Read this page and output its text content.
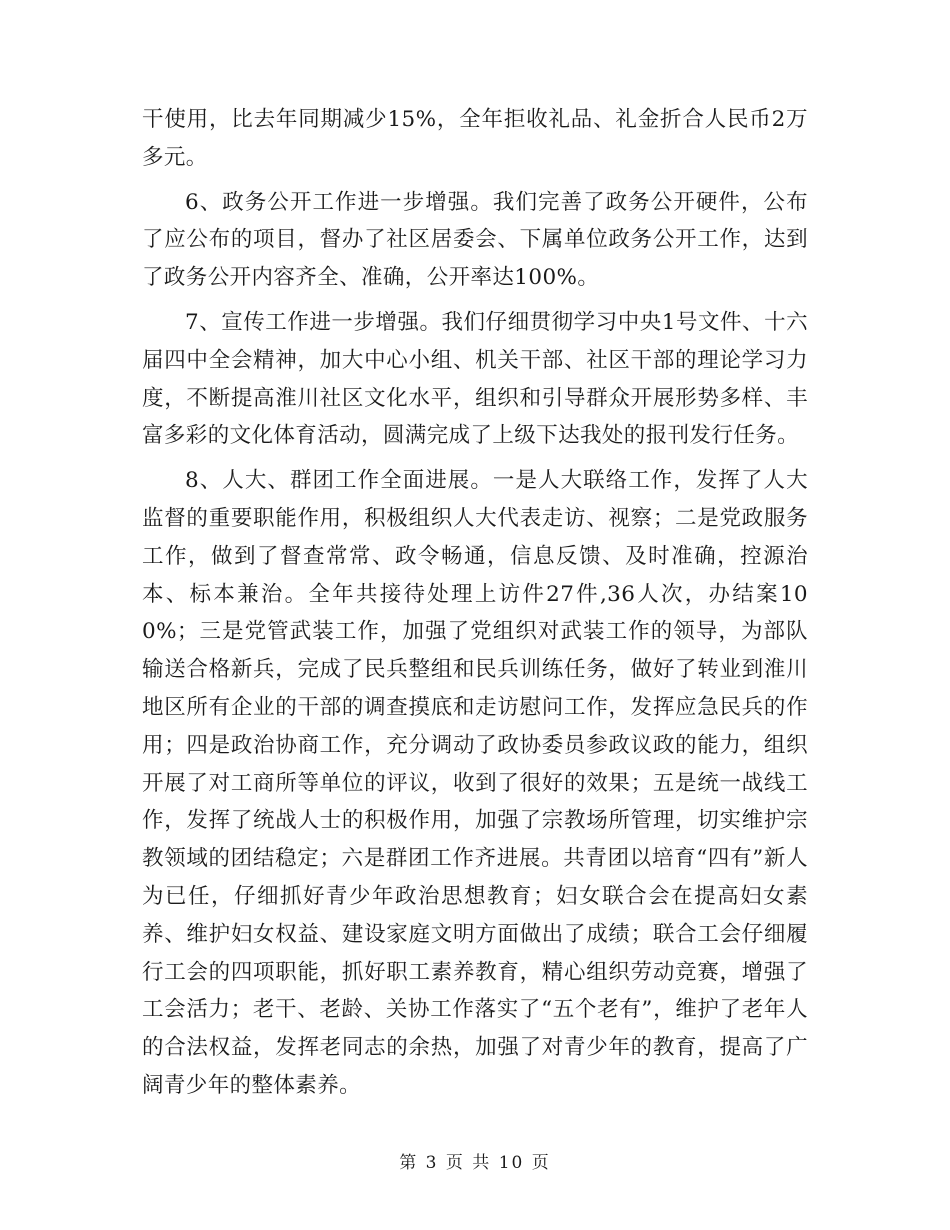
干使用，比去年同期减少15%，全年拒收礼品、礼金折合人民币2万多元。

6、政务公开工作进一步增强。我们完善了政务公开硬件，公布了应公布的项目，督办了社区居委会、下属单位政务公开工作，达到了政务公开内容齐全、准确，公开率达100%。

7、宣传工作进一步增强。我们仔细贯彻学习中央1号文件、十六届四中全会精神，加大中心小组、机关干部、社区干部的理论学习力度，不断提高淮川社区文化水平，组织和引导群众开展形势多样、丰富多彩的文化体育活动，圆满完成了上级下达我处的报刊发行任务。

8、人大、群团工作全面进展。一是人大联络工作，发挥了人大监督的重要职能作用，积极组织人大代表走访、视察；二是党政服务工作，做到了督查常常、政令畅通，信息反馈、及时准确，控源治本、标本兼治。全年共接待处理上访件27件,36人次，办结案100%；三是党管武装工作，加强了党组织对武装工作的领导，为部队输送合格新兵，完成了民兵整组和民兵训练任务，做好了转业到淮川地区所有企业的干部的调查摸底和走访慰问工作，发挥应急民兵的作用；四是政治协商工作，充分调动了政协委员参政议政的能力，组织开展了对工商所等单位的评议，收到了很好的效果；五是统一战线工作，发挥了统战人士的积极作用，加强了宗教场所管理，切实维护宗教领域的团结稳定；六是群团工作齐进展。共青团以培育“四有”新人为已任，仔细抓好青少年政治思想教育；妇女联合会在提高妇女素养、维护妇女权益、建设家庭文明方面做出了成绩；联合工会仔细履行工会的四项职能，抓好职工素养教育，精心组织劳动竞赛，增强了工会活力；老干、老龄、关协工作落实了“五个老有”，维护了老年人的合法权益，发挥老同志的余热，加强了对青少年的教育，提高了广阔青少年的整体素养。

第 3 页 共 10 页
